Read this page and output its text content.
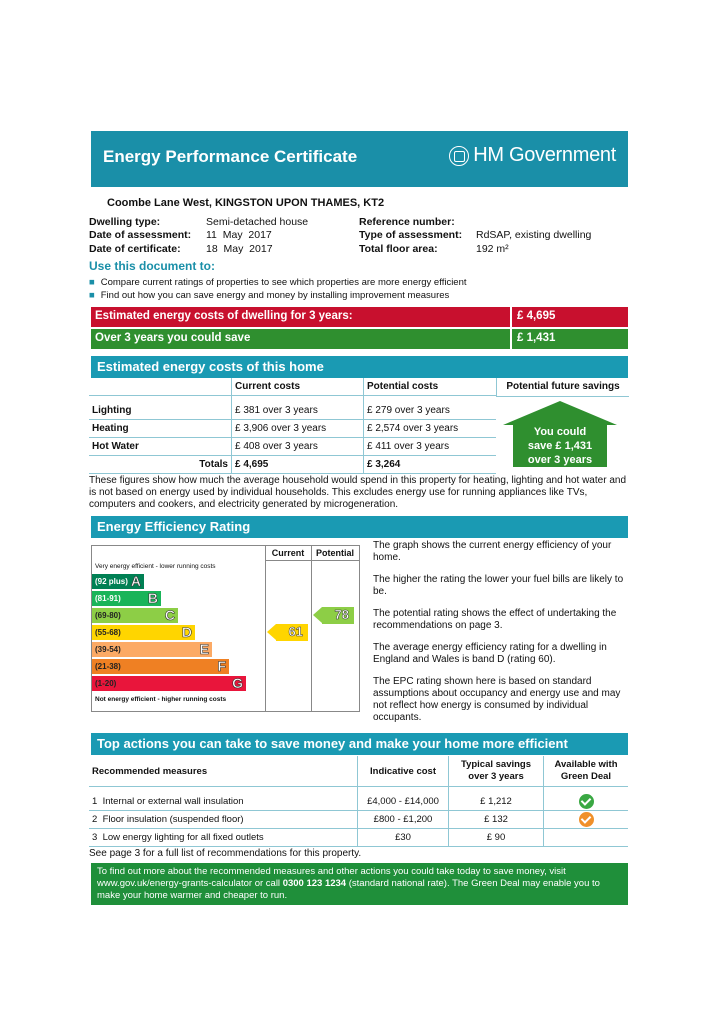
Energy Performance Certificate	HM Government
Coombe Lane West, KINGSTON UPON THAMES, KT2
Dwelling type:	Semi-detached house
Date of assessment: 11  May  2017
Date of certificate: 18  May  2017
Reference number:
Type of assessment: RdSAP, existing dwelling
Total floor area:	192 m²
Use this document to:
■ Compare current ratings of properties to see which properties are more energy efficient
■ Find out how you can save energy and money by installing improvement measures
Estimated energy costs of dwelling for 3 years:	£ 4,695
Over 3 years you could save	£ 1,431
Estimated energy costs of this home
	Current costs	Potential costs

Lighting	£ 381 over 3 years	£ 279 over 3 years
Heating	£ 3,906 over 3 years	£ 2,574 over 3 years
Hot Water	£ 408 over 3 years	£ 411 over 3 years
Totals	£ 4,695	£ 3,264
Potential future savings
You could
save £ 1,431
over 3 years
These figures show how much the average household would spend in this property for heating, lighting and hot water and is not based on energy used by individual households. This excludes energy use for running appliances like TVs, computers and cookers, and electricity generated by microgeneration.
Energy Efficiency Rating
Current	Potential
Very energy efficient - lower running costs
Not energy efficient - higher running costs
(92 plus) A
(81-91) B
(69-80)	C
(55-68)	D
(39-54)	E
(21-38)	F
(1-20)	G
61
78
The graph shows the current energy efficiency of your home.
The higher the rating the lower your fuel bills are likely to be.
The potential rating shows the effect of undertaking the recommendations on page 3.
The average energy efficiency rating for a dwelling in England and Wales is band D (rating 60).
The EPC rating shown here is based on standard assumptions about occupancy and energy use and may not reflect how energy is consumed by individual occupants.
Top actions you can take to save money and make your home more efficient
Recommended measures	Indicative cost	Typical savings over 3 years	Available with Green Deal

1 Internal or external wall insulation	£4,000 - £14,000	£ 1,212	
2 Floor insulation (suspended floor)	£800 - £1,200	£ 132	
3 Low energy lighting for all fixed outlets	£30	£ 90	
See page 3 for a full list of recommendations for this property.
To find out more about the recommended measures and other actions you could take today to save money, visit www.gov.uk/energy-grants-calculator or call 0300 123 1234 (standard national rate). The Green Deal may enable you to make your home warmer and cheaper to run.
